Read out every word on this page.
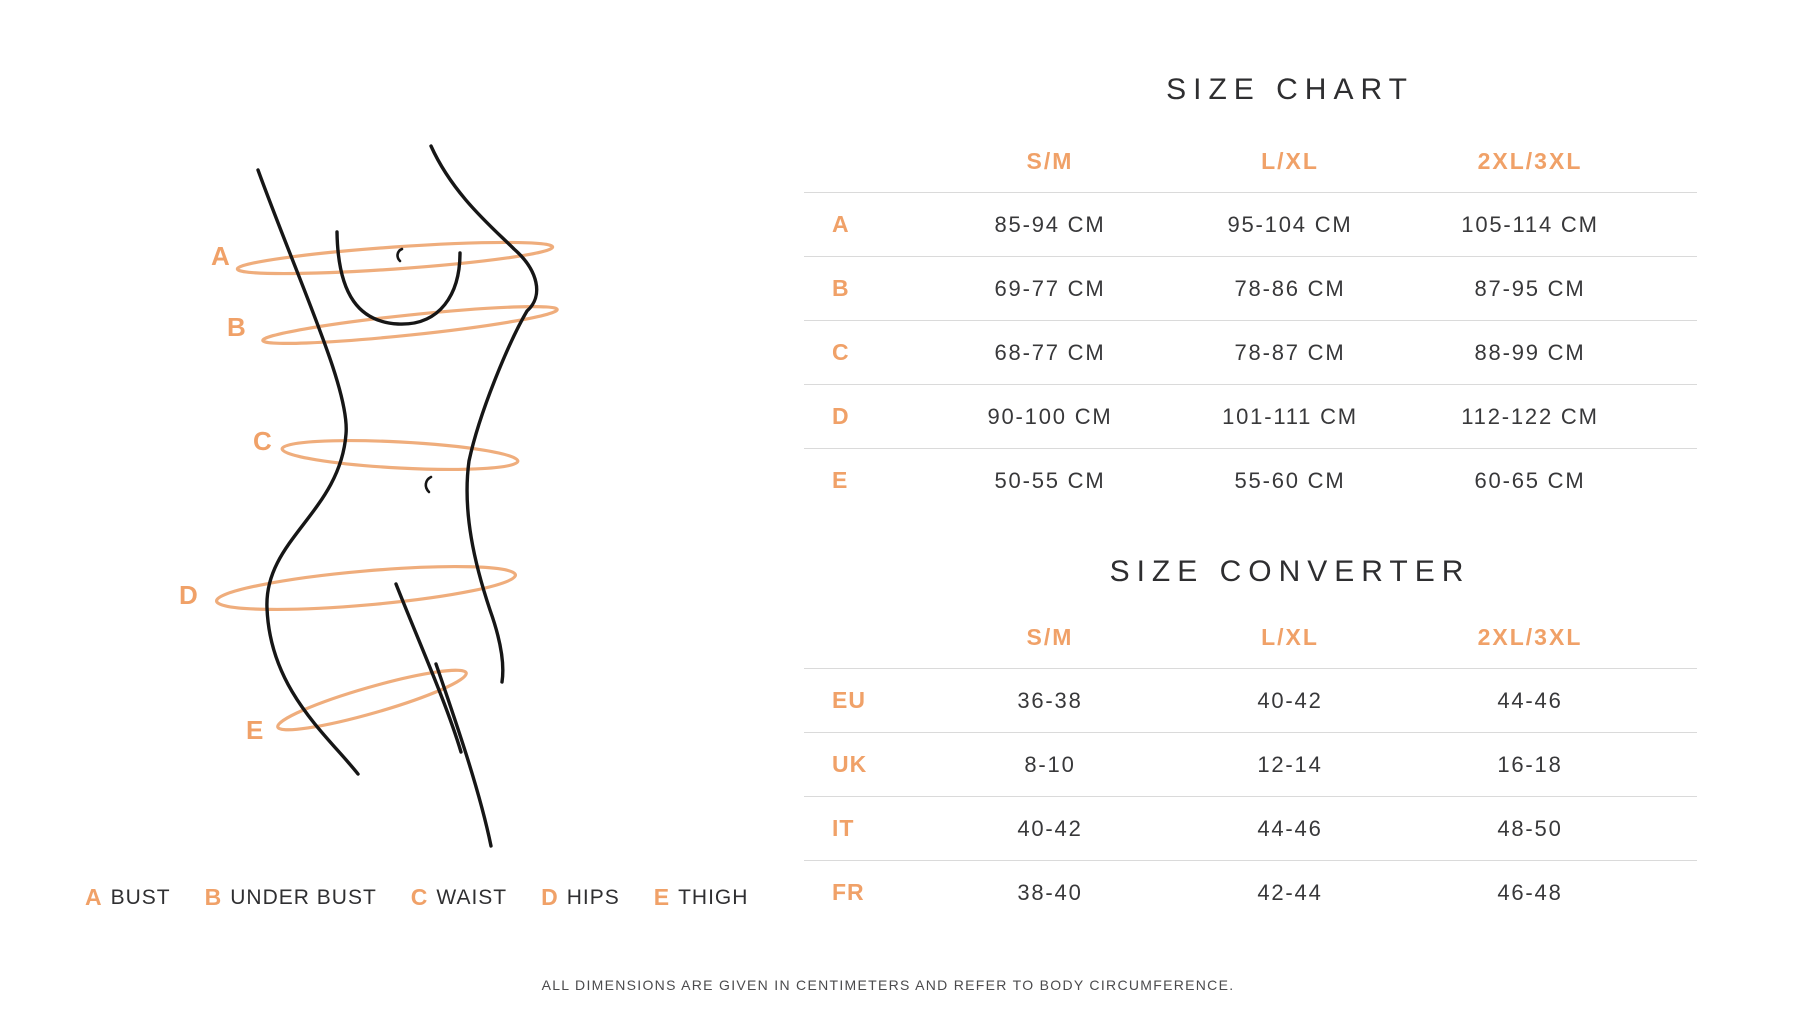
A
B
C
D
E
A BUST B UNDER BUST C WAIST D HIPS E THIGH
SIZE CHART
S/M	L/XL	2XL/3XL
A	85-94 CM	95-104 CM	105-114 CM
B	69-77 CM	78-86 CM	87-95 CM
C	68-77 CM	78-87 CM	88-99 CM
D	90-100 CM	101-111 CM	112-122 CM
E	50-55 CM	55-60 CM	60-65 CM
SIZE CONVERTER
S/M	L/XL	2XL/3XL
EU	36-38	40-42	44-46
UK	8-10	12-14	16-18
IT	40-42	44-46	48-50
FR	38-40	42-44	46-48
ALL DIMENSIONS ARE GIVEN IN CENTIMETERS AND REFER TO BODY CIRCUMFERENCE.
